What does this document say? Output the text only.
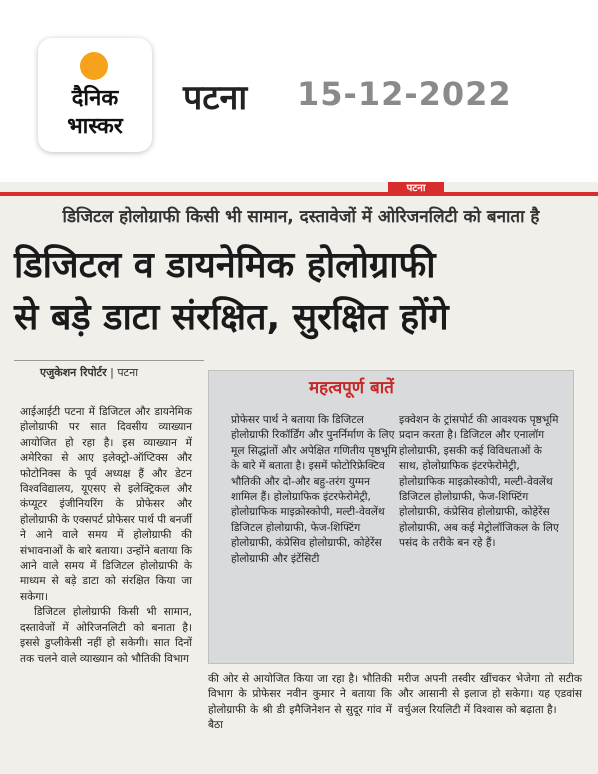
दैनिक
भास्कर
पटना 15-12-2022
पटना
डिजिटल होलोग्राफी किसी भी सामान, दस्तावेजों में ओरिजनलिटी को बनाता है
डिजिटल व डायनेमिक होलोग्राफी
से बड़े डाटा संरक्षित, सुरक्षित होंगे
एजुकेशन रिपोर्टर | पटना

आईआईटी पटना में डिजिटल और डायनेमिक होलोग्राफी पर सात दिवसीय व्याख्यान आयोजित हो रहा है। इस व्याख्यान में अमेरिका से आए इलेक्ट्रो-ऑप्टिक्स और फोटोनिक्स के पूर्व अध्यक्ष हैं और डेटन विश्वविद्यालय, यूएसए से इलेक्ट्रिकल और कंप्यूटर इंजीनियरिंग के प्रोफेसर और होलोग्राफी के एक्सपर्ट प्रोफेसर पार्थ पी बनर्जी ने आने वाले समय में होलोग्राफी की संभावनाओं के बारे बताया। उन्होंने बताया कि आने वाले समय में डिजिटल होलोग्राफी के माध्यम से बड़े डाटा को संरक्षित किया जा सकेगा।

डिजिटल होलोग्राफी किसी भी सामान, दस्तावेजों में ओरिजनलिटी को बनाता है। इससे डुप्लीकेसी नहीं हो सकेगी। सात दिनों तक चलने वाले व्याख्यान को भौतिकी विभाग

महत्वपूर्ण बातें
प्रोफेसर पार्थ ने बताया कि डिजिटल होलोग्राफी रिकॉर्डिंग और पुनर्निर्माण के लिए मूल सिद्धांतों और अपेक्षित गणितीय पृष्ठभूमि के बारे में बताता है। इसमें फोटोरिफ्रेक्टिव भौतिकी और दो-और बहु-तरंग युग्मन शामिल हैं। होलोग्राफिक इंटरफेरोमेट्री, होलोग्राफिक माइक्रोस्कोपी, मल्टी-वेवलेंथ डिजिटल होलोग्राफी, फेज-शिफ्टिंग होलोग्राफी, कंप्रेसिव होलोग्राफी, कोहेरेंस होलोग्राफी और इंटेंसिटी
इक्वेशन के ट्रांसपोर्ट की आवश्यक पृष्ठभूमि प्रदान करता है। डिजिटल और एनालॉग होलोग्राफी, इसकी कई विविधताओं के साथ, होलोग्राफिक इंटरफेरोमेट्री, होलोग्राफिक माइक्रोस्कोपी, मल्टी-वेवलेंथ डिजिटल होलोग्राफी, फेज-शिफ्टिंग होलोग्राफी, कंप्रेसिव होलोग्राफी, कोहेरेंस होलोग्राफी, अब कई मेट्रोलॉजिकल के लिए पसंद के तरीके बन रहे हैं।
की ओर से आयोजित किया जा रहा है। भौतिकी विभाग के प्रोफेसर नवीन कुमार ने बताया कि होलोग्राफी के श्री डी इमैजिनेशन से सुदूर गांव में बैठा
मरीज अपनी तस्वीर खींचकर भेजेगा तो सटीक और आसानी से इलाज हो सकेगा। यह एडवांस वर्चुअल रियलिटी में विश्वास को बढ़ाता है।
